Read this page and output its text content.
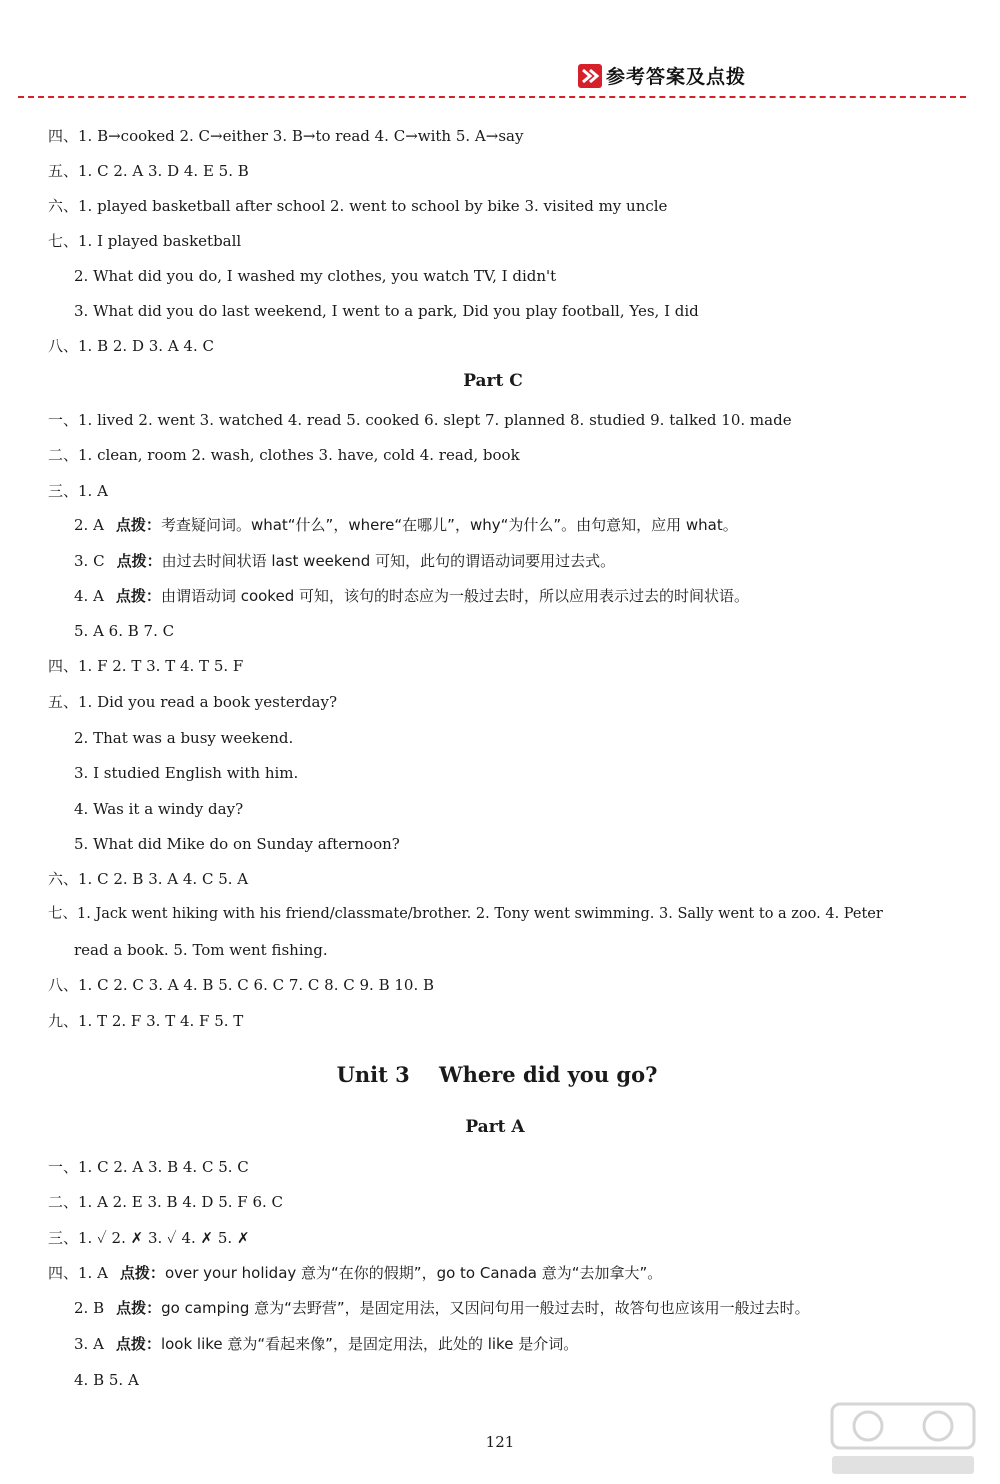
参考答案及点拨
四、1. B→cooked 2. C→either 3. B→to read 4. C→with 5. A→say
五、1. C 2. A 3. D 4. E 5. B
六、1. played basketball after school 2. went to school by bike 3. visited my uncle
七、1. I played basketball
2. What did you do, I washed my clothes, you watch TV, I didn't
3. What did you do last weekend, I went to a park, Did you play football, Yes, I did
八、1. B 2. D 3. A 4. C
Part C
一、1. lived 2. went 3. watched 4. read 5. cooked 6. slept 7. planned 8. studied 9. talked 10. made
二、1. clean, room 2. wash, clothes 3. have, cold 4. read, book
三、1. A
2. A 点拨：考查疑问词。what“什么”，where“在哪儿”，why“为什么”。由句意知，应用 what。
3. C 点拨：由过去时间状语 last weekend 可知，此句的谓语动词要用过去式。
4. A 点拨：由谓语动词 cooked 可知，该句的时态应为一般过去时，所以应用表示过去的时间状语。
5. A 6. B 7. C
四、1. F 2. T 3. T 4. T 5. F
五、1. Did you read a book yesterday?
2. That was a busy weekend.
3. I studied English with him.
4. Was it a windy day?
5. What did Mike do on Sunday afternoon?
六、1. C 2. B 3. A 4. C 5. A
七、1. Jack went hiking with his friend/classmate/brother. 2. Tony went swimming. 3. Sally went to a zoo. 4. Peter
read a book. 5. Tom went fishing.
八、1. C 2. C 3. A 4. B 5. C 6. C 7. C 8. C 9. B 10. B
九、1. T 2. F 3. T 4. F 5. T
Unit 3    Where did you go?
Part A
一、1. C 2. A 3. B 4. C 5. C
二、1. A 2. E 3. B 4. D 5. F 6. C
三、1. ✓ 2. ✗ 3. ✓ 4. ✗ 5. ✗
四、1. A 点拨：over your holiday 意为“在你的假期”，go to Canada 意为“去加拿大”。
2. B 点拨：go camping 意为“去野营”，是固定用法，又因问句用一般过去时，故答句也应该用一般过去时。
3. A 点拨：look like 意为“看起来像”，是固定用法，此处的 like 是介词。
4. B 5. A
121
